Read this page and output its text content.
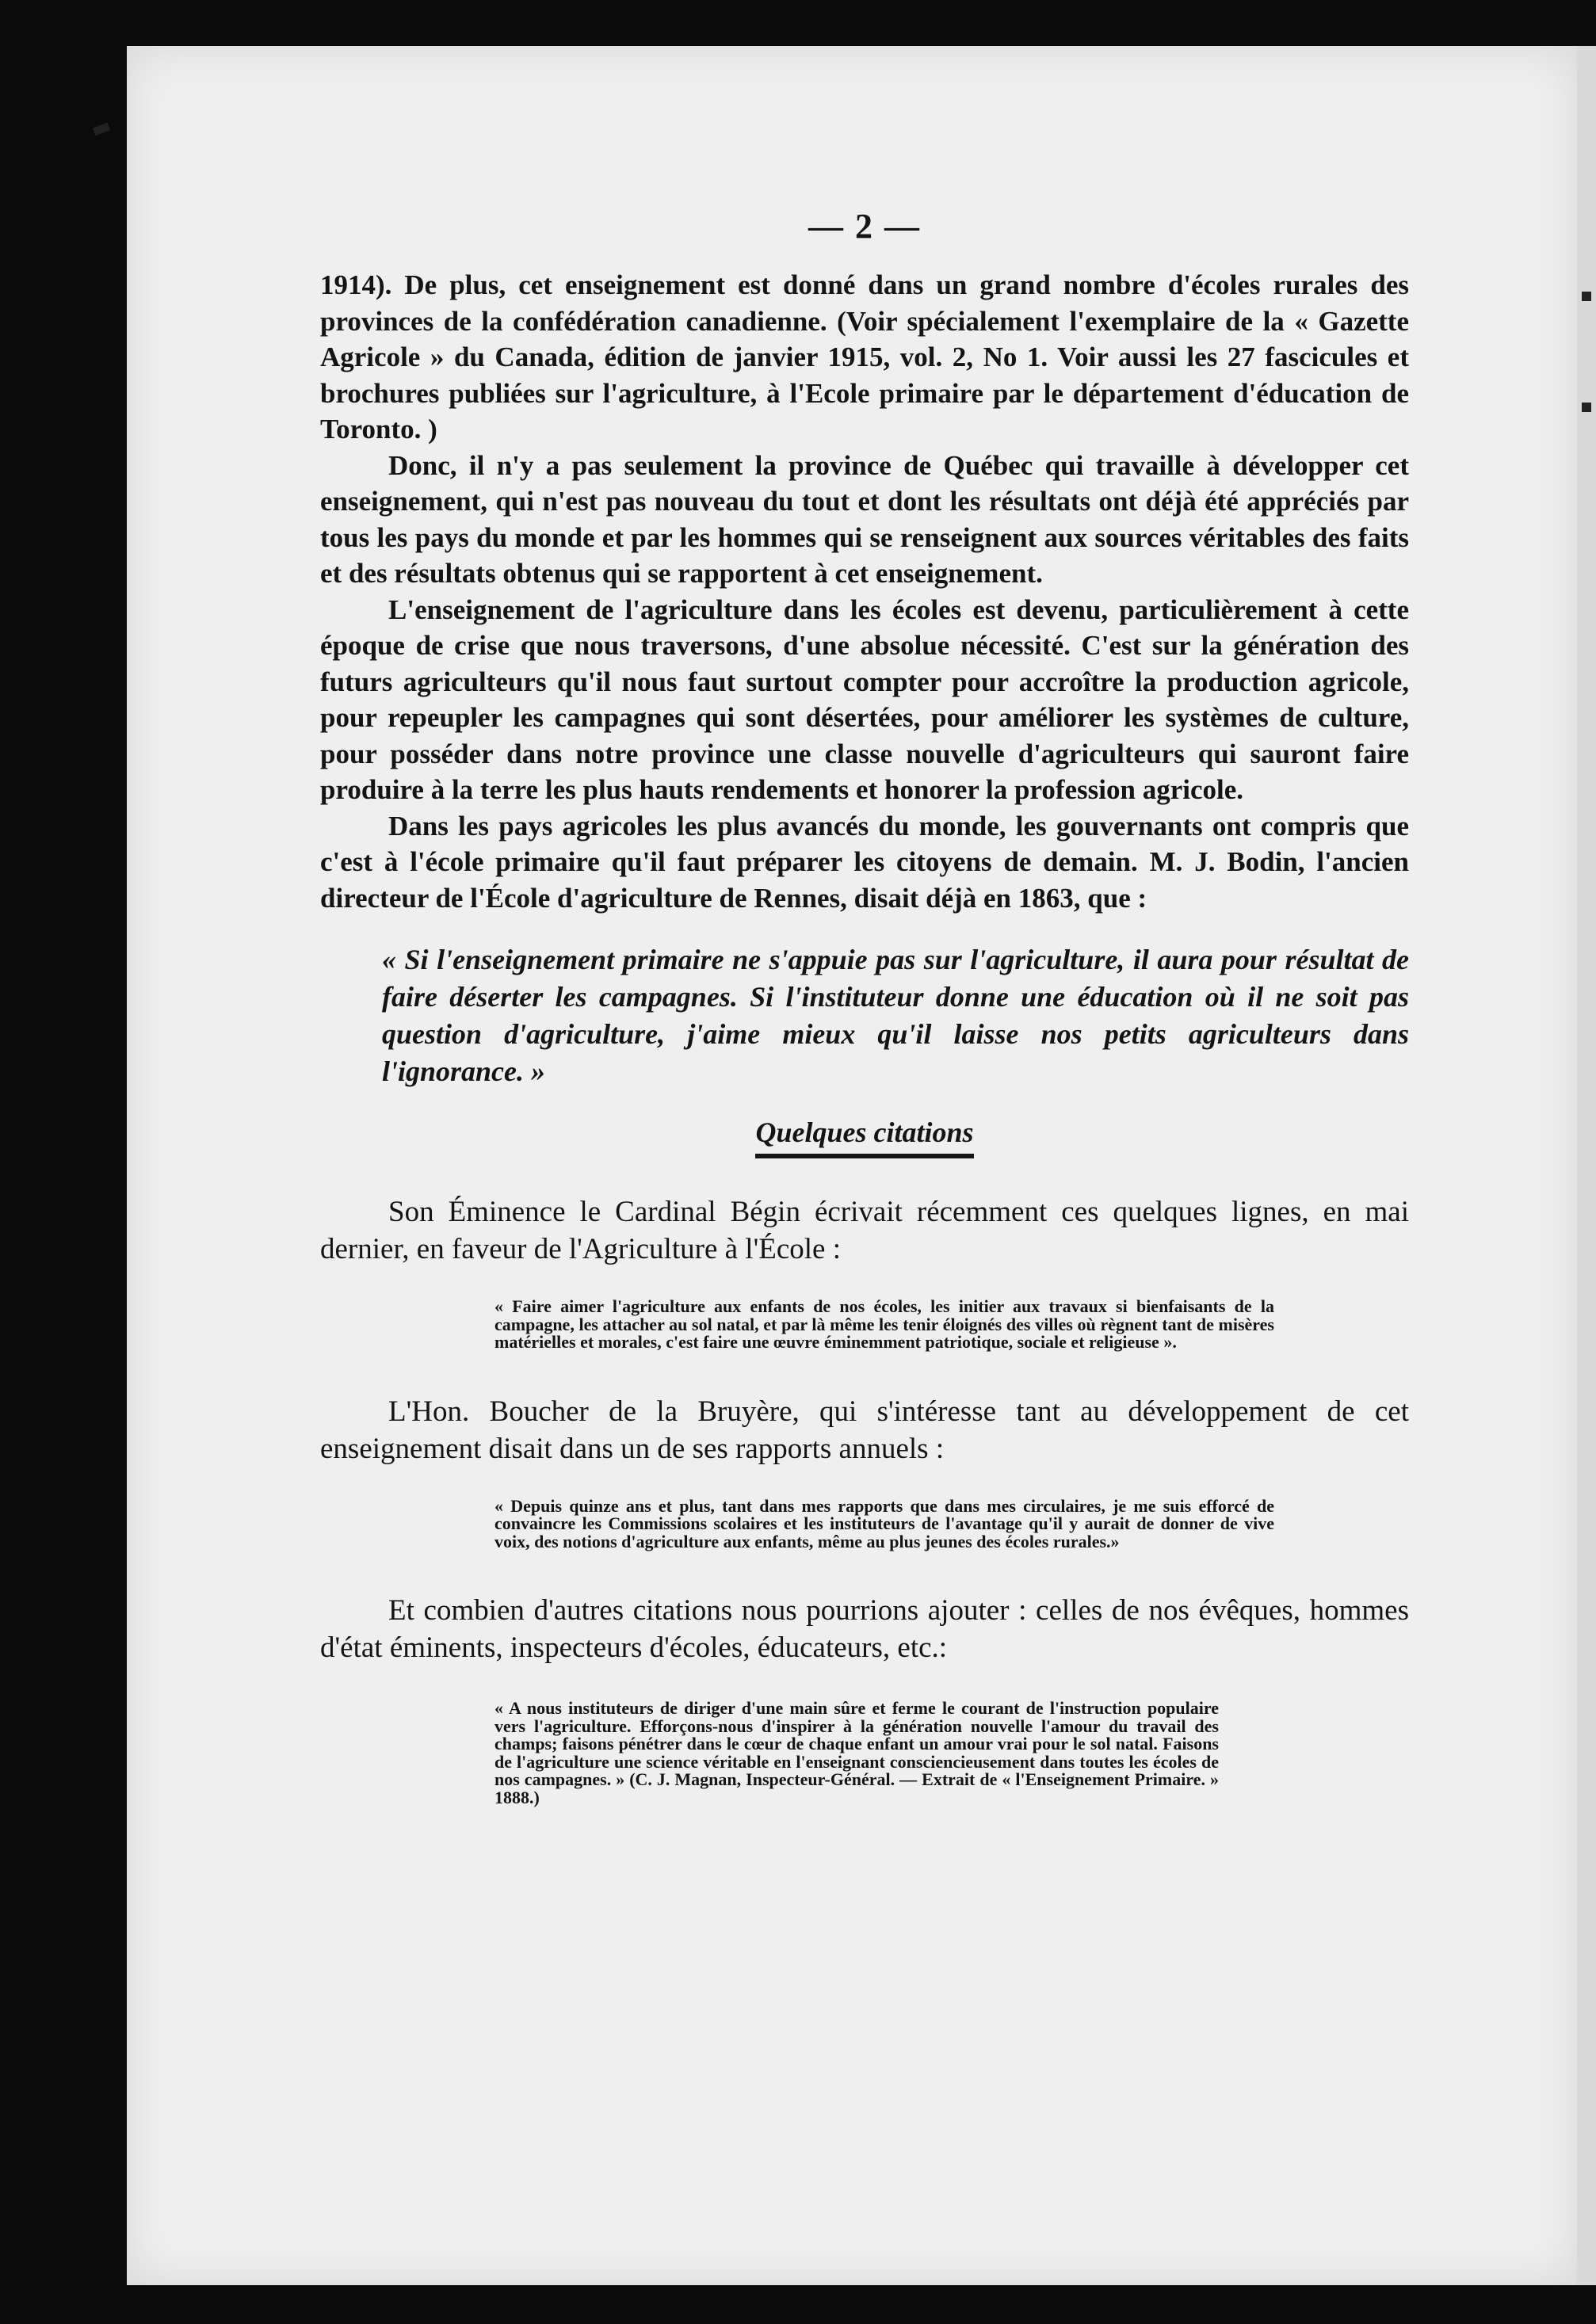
— 2 —

1914). De plus, cet enseignement est donné dans un grand nombre d'écoles rurales des provinces de la confédération canadienne. (Voir spécialement l'exemplaire de la « Gazette Agricole » du Canada, édition de janvier 1915, vol. 2, No 1. Voir aussi les 27 fascicules et brochures publiées sur l'agriculture, à l'Ecole primaire par le département d'éducation de Toronto. )

Donc, il n'y a pas seulement la province de Québec qui travaille à développer cet enseignement, qui n'est pas nouveau du tout et dont les résultats ont déjà été appréciés par tous les pays du monde et par les hommes qui se renseignent aux sources véritables des faits et des résultats obtenus qui se rapportent à cet enseignement.

L'enseignement de l'agriculture dans les écoles est devenu, particulièrement à cette époque de crise que nous traversons, d'une absolue nécessité. C'est sur la génération des futurs agriculteurs qu'il nous faut surtout compter pour accroître la production agricole, pour repeupler les campagnes qui sont désertées, pour améliorer les systèmes de culture, pour posséder dans notre province une classe nouvelle d'agriculteurs qui sauront faire produire à la terre les plus hauts rendements et honorer la profession agricole.

Dans les pays agricoles les plus avancés du monde, les gouvernants ont compris que c'est à l'école primaire qu'il faut préparer les citoyens de demain. M. J. Bodin, l'ancien directeur de l'École d'agriculture de Rennes, disait déjà en 1863, que :

« Si l'enseignement primaire ne s'appuie pas sur l'agriculture, il aura pour résultat de faire déserter les campagnes. Si l'instituteur donne une éducation où il ne soit pas question d'agriculture, j'aime mieux qu'il laisse nos petits agriculteurs dans l'ignorance. »

Quelques citations

Son Éminence le Cardinal Bégin écrivait récemment ces quelques lignes, en mai dernier, en faveur de l'Agriculture à l'École :

« Faire aimer l'agriculture aux enfants de nos écoles, les initier aux travaux si bienfaisants de la campagne, les attacher au sol natal, et par là même les tenir éloignés des villes où règnent tant de misères matérielles et morales, c'est faire une œuvre éminemment patriotique, sociale et religieuse ».

L'Hon. Boucher de la Bruyère, qui s'intéresse tant au développement de cet enseignement disait dans un de ses rapports annuels :

« Depuis quinze ans et plus, tant dans mes rapports que dans mes circulaires, je me suis efforcé de convaincre les Commissions scolaires et les instituteurs de l'avantage qu'il y aurait de donner de vive voix, des notions d'agriculture aux enfants, même au plus jeunes des écoles rurales.»

Et combien d'autres citations nous pourrions ajouter : celles de nos évêques, hommes d'état éminents, inspecteurs d'écoles, éducateurs, etc.:

« A nous instituteurs de diriger d'une main sûre et ferme le courant de l'instruction populaire vers l'agriculture. Efforçons-nous d'inspirer à la génération nouvelle l'amour du travail des champs; faisons pénétrer dans le cœur de chaque enfant un amour vrai pour le sol natal. Faisons de l'agriculture une science véritable en l'enseignant consciencieusement dans toutes les écoles de nos campagnes. » (C. J. Magnan, Inspecteur-Général. — Extrait de « l'Enseignement Primaire. » 1888.)
